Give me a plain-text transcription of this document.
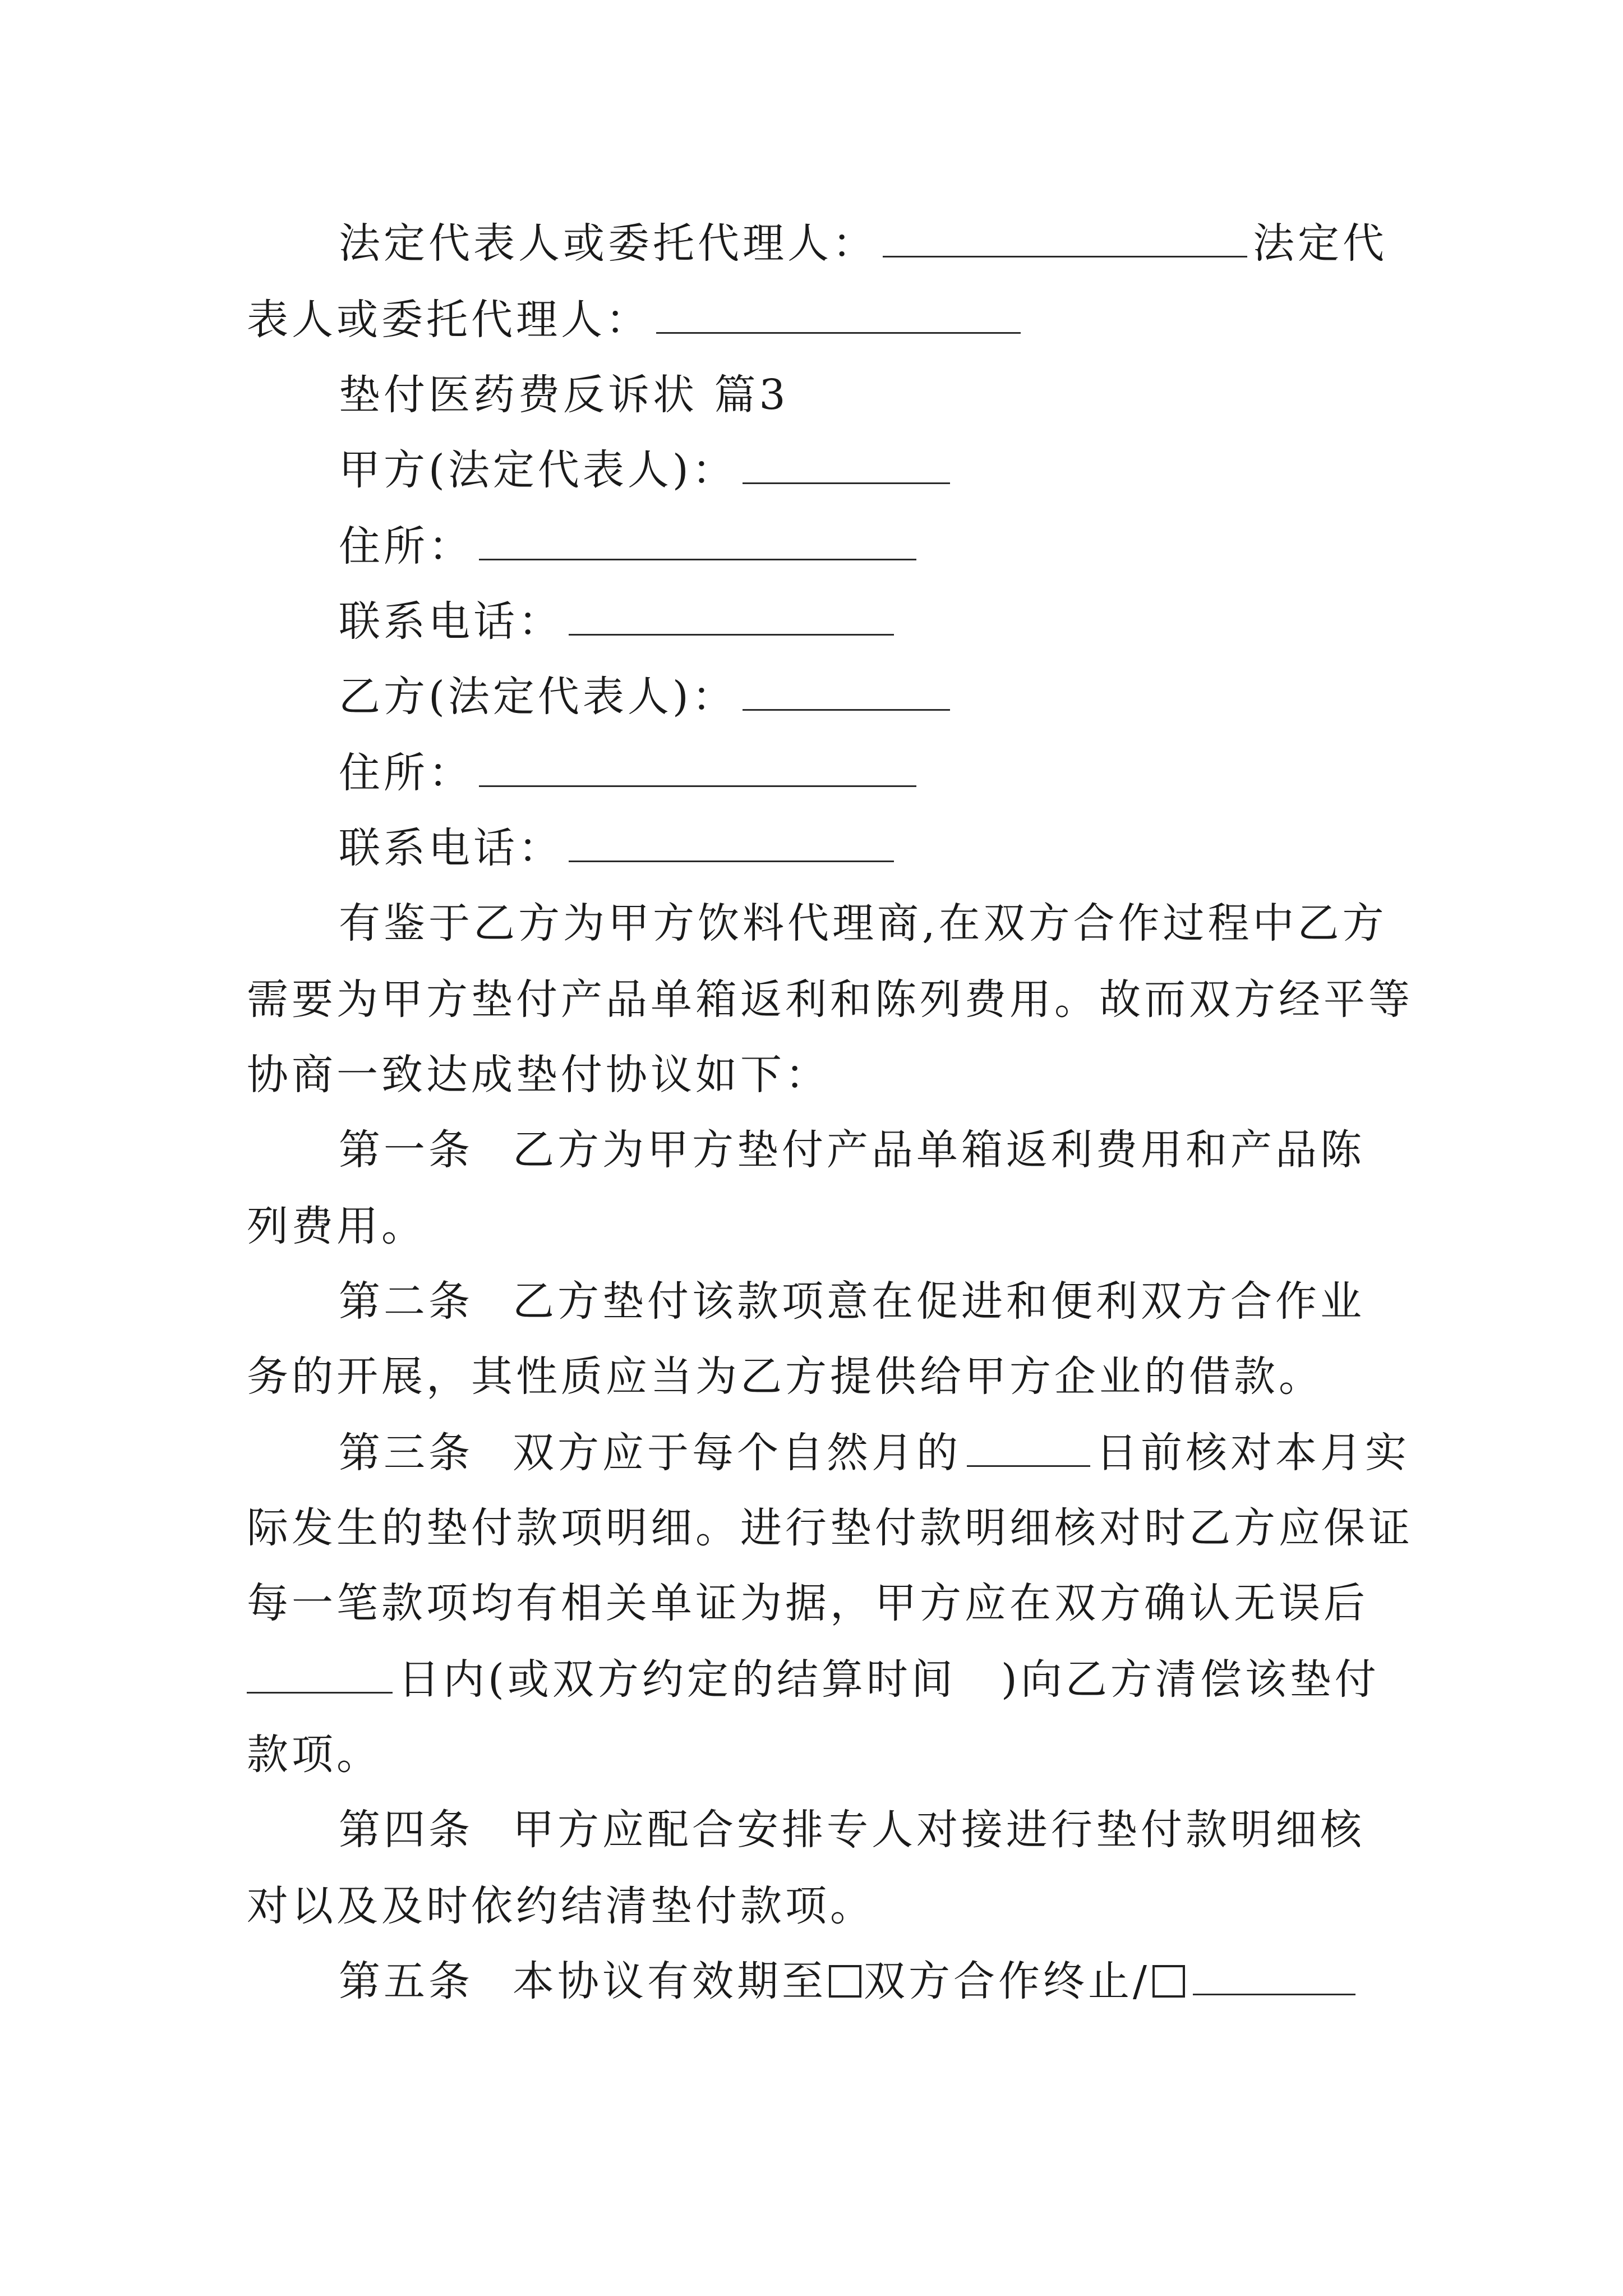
法定代表人或委托代理人：	法定代
表人或委托代理人：
垫付医药费反诉状 篇3
甲方(法定代表人)：
住所：
联系电话：
乙方(法定代表人)：
住所：
联系电话：
有鉴于乙方为甲方饮料代理商,在双方合作过程中乙方
需要为甲方垫付产品单箱返利和陈列费用。故而双方经平等
协商一致达成垫付协议如下：
第一条 乙方为甲方垫付产品单箱返利费用和产品陈
列费用。
第二条 乙方垫付该款项意在促进和便利双方合作业
务的开展，其性质应当为乙方提供给甲方企业的借款。
第三条 双方应于每个自然月的	日前核对本月实
际发生的垫付款项明细。进行垫付款明细核对时乙方应保证
每一笔款项均有相关单证为据，甲方应在双方确认无误后
日内(或双方约定的结算时间　)向乙方清偿该垫付
款项。
第四条 甲方应配合安排专人对接进行垫付款明细核
对以及及时依约结清垫付款项。
第五条 本协议有效期至 双方合作终止/
